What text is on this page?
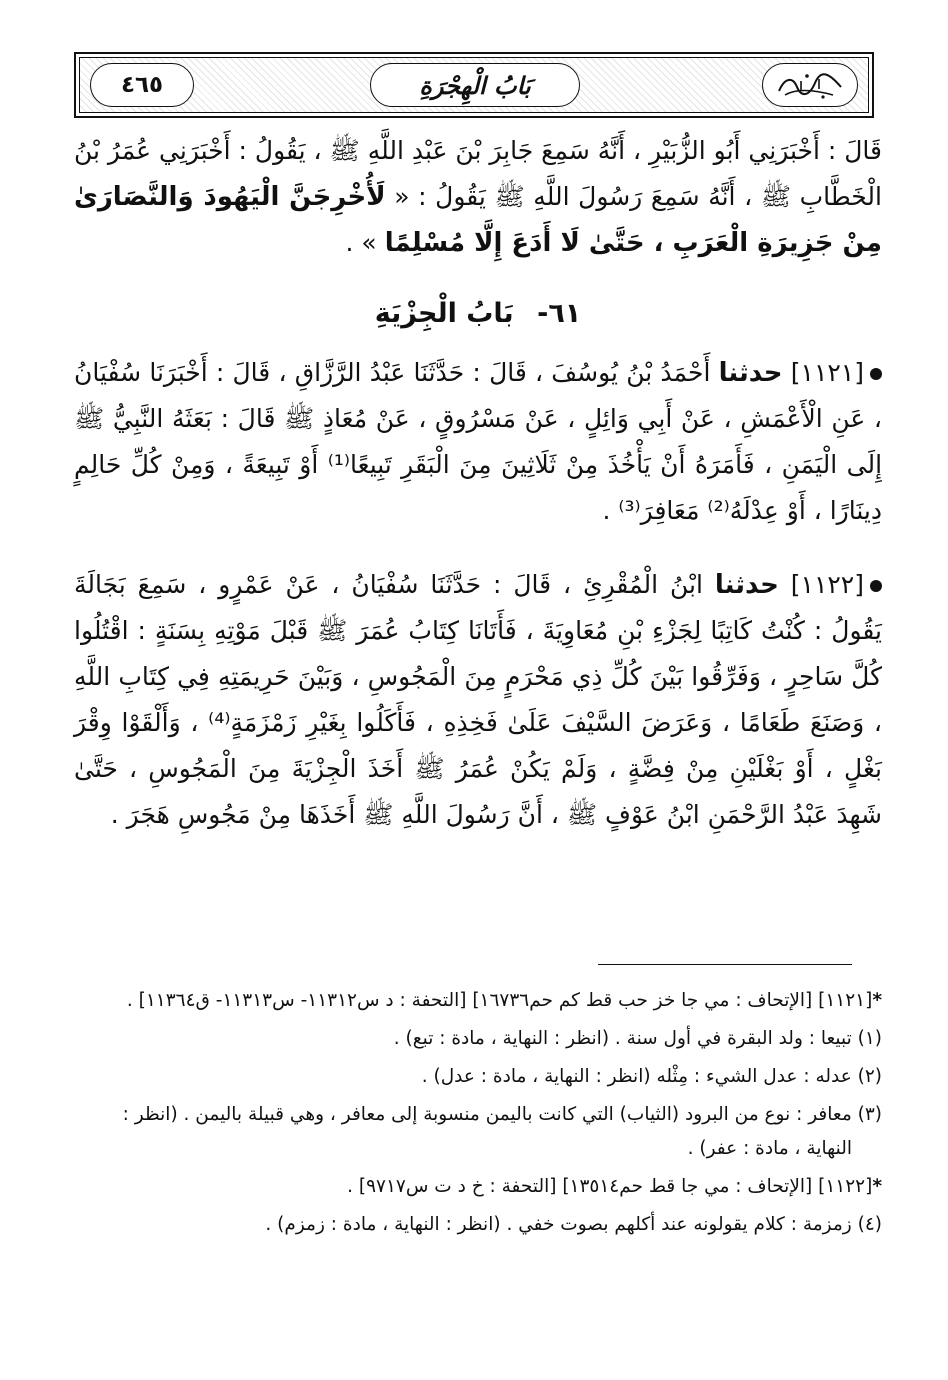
٤٦٥	بَابُ الْهِجْرَةِ
قَالَ : أَخْبَرَنِي أَبُو الزُّبَيْرِ ، أَنَّهُ سَمِعَ جَابِرَ بْنَ عَبْدِ اللَّهِ ﷺ ، يَقُولُ : أَخْبَرَنِي عُمَرُ بْنُ الْخَطَّابِ ﷺ ، أَنَّهُ سَمِعَ رَسُولَ اللَّهِ ﷺ يَقُولُ : « لَأُخْرِجَنَّ الْيَهُودَ وَالنَّصَارَىٰ مِنْ جَزِيرَةِ الْعَرَبِ ، حَتَّىٰ لَا أَدَعَ إِلَّا مُسْلِمًا » .
٦١- بَابُ الْجِزْيَةِ
[١١٢١] حدثنا أَحْمَدُ بْنُ يُوسُفَ ، قَالَ : حَدَّثَنَا عَبْدُ الرَّزَّاقِ ، قَالَ : أَخْبَرَنَا سُفْيَانُ ، عَنِ الْأَعْمَشِ ، عَنْ أَبِي وَائِلٍ ، عَنْ مَسْرُوقٍ ، عَنْ مُعَاذٍ ﷺ قَالَ : بَعَثَهُ النَّبِيُّ ﷺ إِلَى الْيَمَنِ ، فَأَمَرَهُ أَنْ يَأْخُذَ مِنْ ثَلَاثِينَ مِنَ الْبَقَرِ تَبِيعًا⁽¹⁾ أَوْ تَبِيعَةً ، وَمِنْ كُلِّ حَالِمٍ دِينَارًا ، أَوْ عِدْلَهُ⁽²⁾ مَعَافِرَ⁽³⁾ .
[١١٢٢] حدثنا ابْنُ الْمُقْرِئِ ، قَالَ : حَدَّثَنَا سُفْيَانُ ، عَنْ عَمْرٍو ، سَمِعَ بَجَالَةَ يَقُولُ : كُنْتُ كَاتِبًا لِجَزْءِ بْنِ مُعَاوِيَةَ ، فَأَتَانَا كِتَابُ عُمَرَ ﷺ قَبْلَ مَوْتِهِ بِسَنَةٍ : اقْتُلُوا كُلَّ سَاحِرٍ ، وَفَرِّقُوا بَيْنَ كُلِّ ذِي مَحْرَمٍ مِنَ الْمَجُوسِ ، وَبَيْنَ حَرِيمَتِهِ فِي كِتَابِ اللَّهِ ، وَصَنَعَ طَعَامًا ، وَعَرَضَ السَّيْفَ عَلَىٰ فَخِذِهِ ، فَأَكَلُوا بِغَيْرِ زَمْزَمَةٍ⁽⁴⁾ ، وَأَلْقَوْا وِقْرَ بَغْلٍ ، أَوْ بَغْلَيْنِ مِنْ فِضَّةٍ ، وَلَمْ يَكُنْ عُمَرُ ﷺ أَخَذَ الْجِزْيَةَ مِنَ الْمَجُوسِ ، حَتَّىٰ شَهِدَ عَبْدُ الرَّحْمَنِ ابْنُ عَوْفٍ ﷺ ، أَنَّ رَسُولَ اللَّهِ ﷺ أَخَذَهَا مِنْ مَجُوسِ هَجَرَ .

*[١١٢١] [الإتحاف : مي جا خز حب قط كم حم١٦٧٣٦] [التحفة : د س١١٣١٢- س١١٣١٣- ق١١٣٦٤] .

(١) تبيعا : ولد البقرة في أول سنة . (انظر : النهاية ، مادة : تبع) .

(٢) عدله : عدل الشيء : مِثْله (انظر : النهاية ، مادة : عدل) .

(٣) معافر : نوع من البرود (الثياب) التي كانت باليمن منسوبة إلى معافر ، وهي قبيلة باليمن . (انظر :
النهاية ، مادة : عفر) .

*[١١٢٢] [الإتحاف : مي جا قط حم١٣٥١٤] [التحفة : خ د ت س٩٧١٧] .

(٤) زمزمة : كلام يقولونه عند أكلهم بصوت خفي . (انظر : النهاية ، مادة : زمزم) .
